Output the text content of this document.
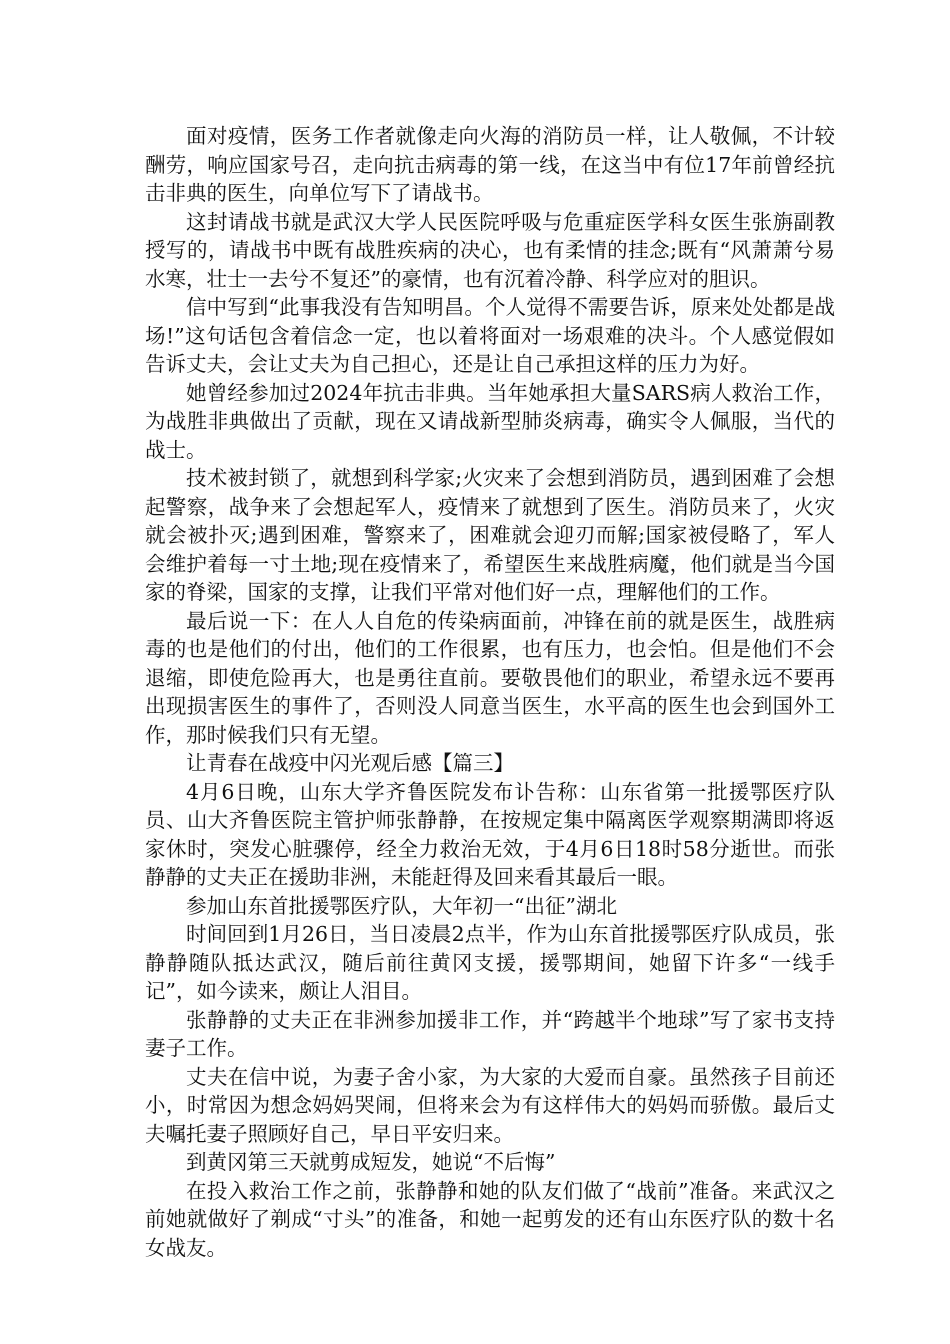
面对疫情，医务工作者就像走向火海的消防员一样，让人敬佩，不计较酬劳，响应国家号召，走向抗击病毒的第一线，在这当中有位17年前曾经抗击非典的医生，向单位写下了请战书。

这封请战书就是武汉大学人民医院呼吸与危重症医学科女医生张旃副教授写的，请战书中既有战胜疾病的决心，也有柔情的挂念;既有“风萧萧兮易水寒，壮士一去兮不复还”的豪情，也有沉着冷静、科学应对的胆识。

信中写到“此事我没有告知明昌。个人觉得不需要告诉，原来处处都是战场!”这句话包含着信念一定，也以着将面对一场艰难的决斗。个人感觉假如告诉丈夫，会让丈夫为自己担心，还是让自己承担这样的压力为好。

她曾经参加过2024年抗击非典。当年她承担大量SARS病人救治工作，为战胜非典做出了贡献，现在又请战新型肺炎病毒，确实令人佩服，当代的战士。

技术被封锁了，就想到科学家;火灾来了会想到消防员，遇到困难了会想起警察，战争来了会想起军人，疫情来了就想到了医生。消防员来了，火灾就会被扑灭;遇到困难，警察来了，困难就会迎刃而解;国家被侵略了，军人会维护着每一寸土地;现在疫情来了，希望医生来战胜病魔，他们就是当今国家的脊梁，国家的支撑，让我们平常对他们好一点，理解他们的工作。

最后说一下：在人人自危的传染病面前，冲锋在前的就是医生，战胜病毒的也是他们的付出，他们的工作很累，也有压力，也会怕。但是他们不会退缩，即使危险再大，也是勇往直前。要敬畏他们的职业，希望永远不要再出现损害医生的事件了，否则没人同意当医生，水平高的医生也会到国外工作，那时候我们只有无望。

让青春在战疫中闪光观后感【篇三】

4月6日晚，山东大学齐鲁医院发布讣告称：山东省第一批援鄂医疗队员、山大齐鲁医院主管护师张静静，在按规定集中隔离医学观察期满即将返家休时，突发心脏骤停，经全力救治无效，于4月6日18时58分逝世。而张静静的丈夫正在援助非洲，未能赶得及回来看其最后一眼。

参加山东首批援鄂医疗队，大年初一“出征”湖北

时间回到1月26日，当日凌晨2点半，作为山东首批援鄂医疗队成员，张静静随队抵达武汉，随后前往黄冈支援，援鄂期间，她留下许多“一线手记”，如今读来，颇让人泪目。

张静静的丈夫正在非洲参加援非工作，并“跨越半个地球”写了家书支持妻子工作。

丈夫在信中说，为妻子舍小家，为大家的大爱而自豪。虽然孩子目前还小，时常因为想念妈妈哭闹，但将来会为有这样伟大的妈妈而骄傲。最后丈夫嘱托妻子照顾好自己，早日平安归来。

到黄冈第三天就剪成短发，她说“不后悔”

在投入救治工作之前，张静静和她的队友们做了“战前”准备。来武汉之前她就做好了剃成“寸头”的准备，和她一起剪发的还有山东医疗队的数十名女战友。
